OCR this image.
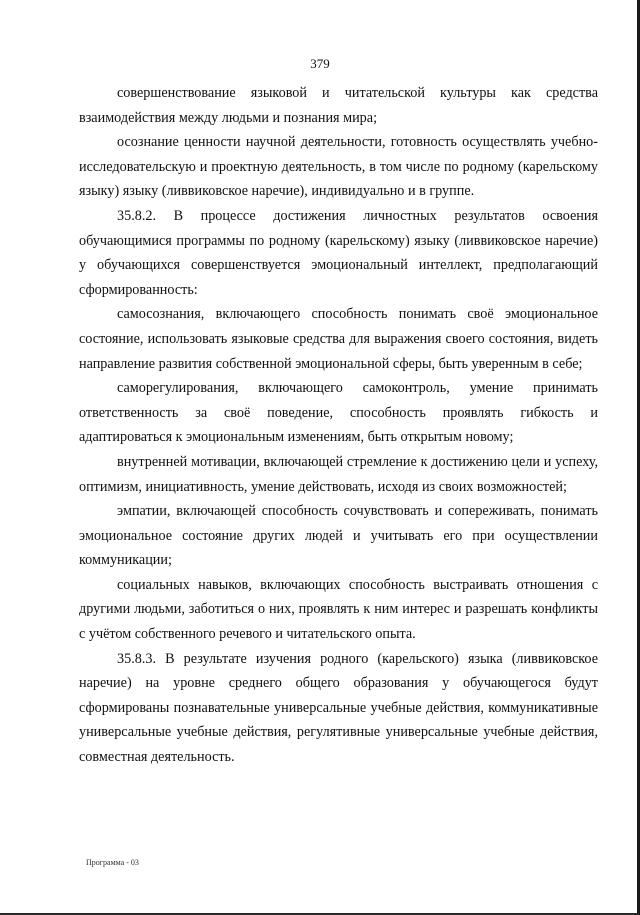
379

совершенствование языковой и читательской культуры как средства взаимодействия между людьми и познания мира;

осознание ценности научной деятельности, готовность осуществлять учебно-исследовательскую и проектную деятельность, в том числе по родному (карельскому языку) языку (ливвиковское наречие), индивидуально и в группе.

35.8.2. В процессе достижения личностных результатов освоения обучающимися программы по родному (карельскому) языку (ливвиковское наречие) у обучающихся совершенствуется эмоциональный интеллект, предполагающий сформированность:

самосознания, включающего способность понимать своё эмоциональное состояние, использовать языковые средства для выражения своего состояния, видеть направление развития собственной эмоциональной сферы, быть уверенным в себе;

саморегулирования, включающего самоконтроль, умение принимать ответственность за своё поведение, способность проявлять гибкость и адаптироваться к эмоциональным изменениям, быть открытым новому;

внутренней мотивации, включающей стремление к достижению цели и успеху, оптимизм, инициативность, умение действовать, исходя из своих возможностей;

эмпатии, включающей способность сочувствовать и сопереживать, понимать эмоциональное состояние других людей и учитывать его при осуществлении коммуникации;

социальных навыков, включающих способность выстраивать отношения с другими людьми, заботиться о них, проявлять к ним интерес и разрешать конфликты с учётом собственного речевого и читательского опыта.

35.8.3. В результате изучения родного (карельского) языка (ливвиковское наречие) на уровне среднего общего образования у обучающегося будут сформированы познавательные универсальные учебные действия, коммуникативные универсальные учебные действия, регулятивные универсальные учебные действия, совместная деятельность.

Программа - 03
